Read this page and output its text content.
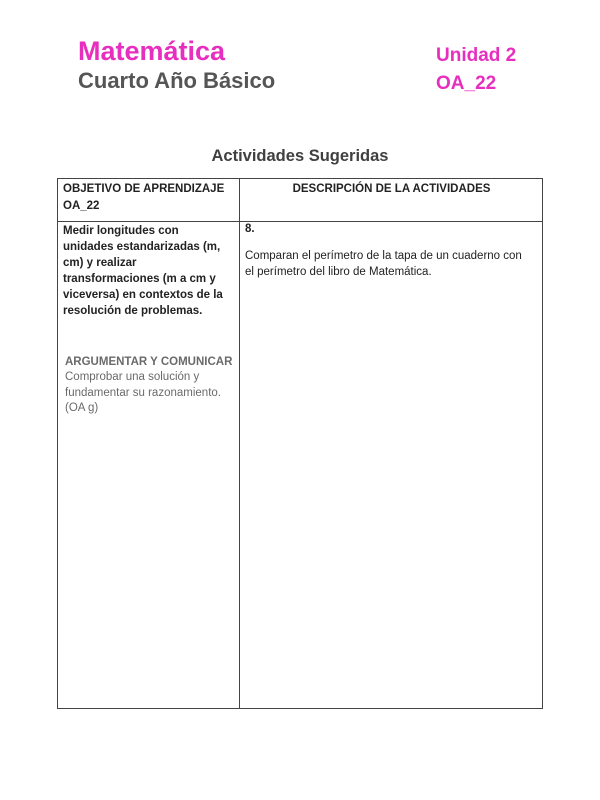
Matemática
Cuarto Año Básico
Unidad 2
OA_22
Actividades Sugeridas
OBJETIVO DE APRENDIZAJE
OA_22
DESCRIPCIÓN DE LA ACTIVIDADES
Medir longitudes con
unidades estandarizadas (m,
cm) y realizar
transformaciones (m a cm y
viceversa) en contextos de la
resolución de problemas.
ARGUMENTAR Y COMUNICAR
Comprobar una solución y
fundamentar su razonamiento.
(OA g)
8.
Comparan el perímetro de la tapa de un cuaderno con
el perímetro del libro de Matemática.
